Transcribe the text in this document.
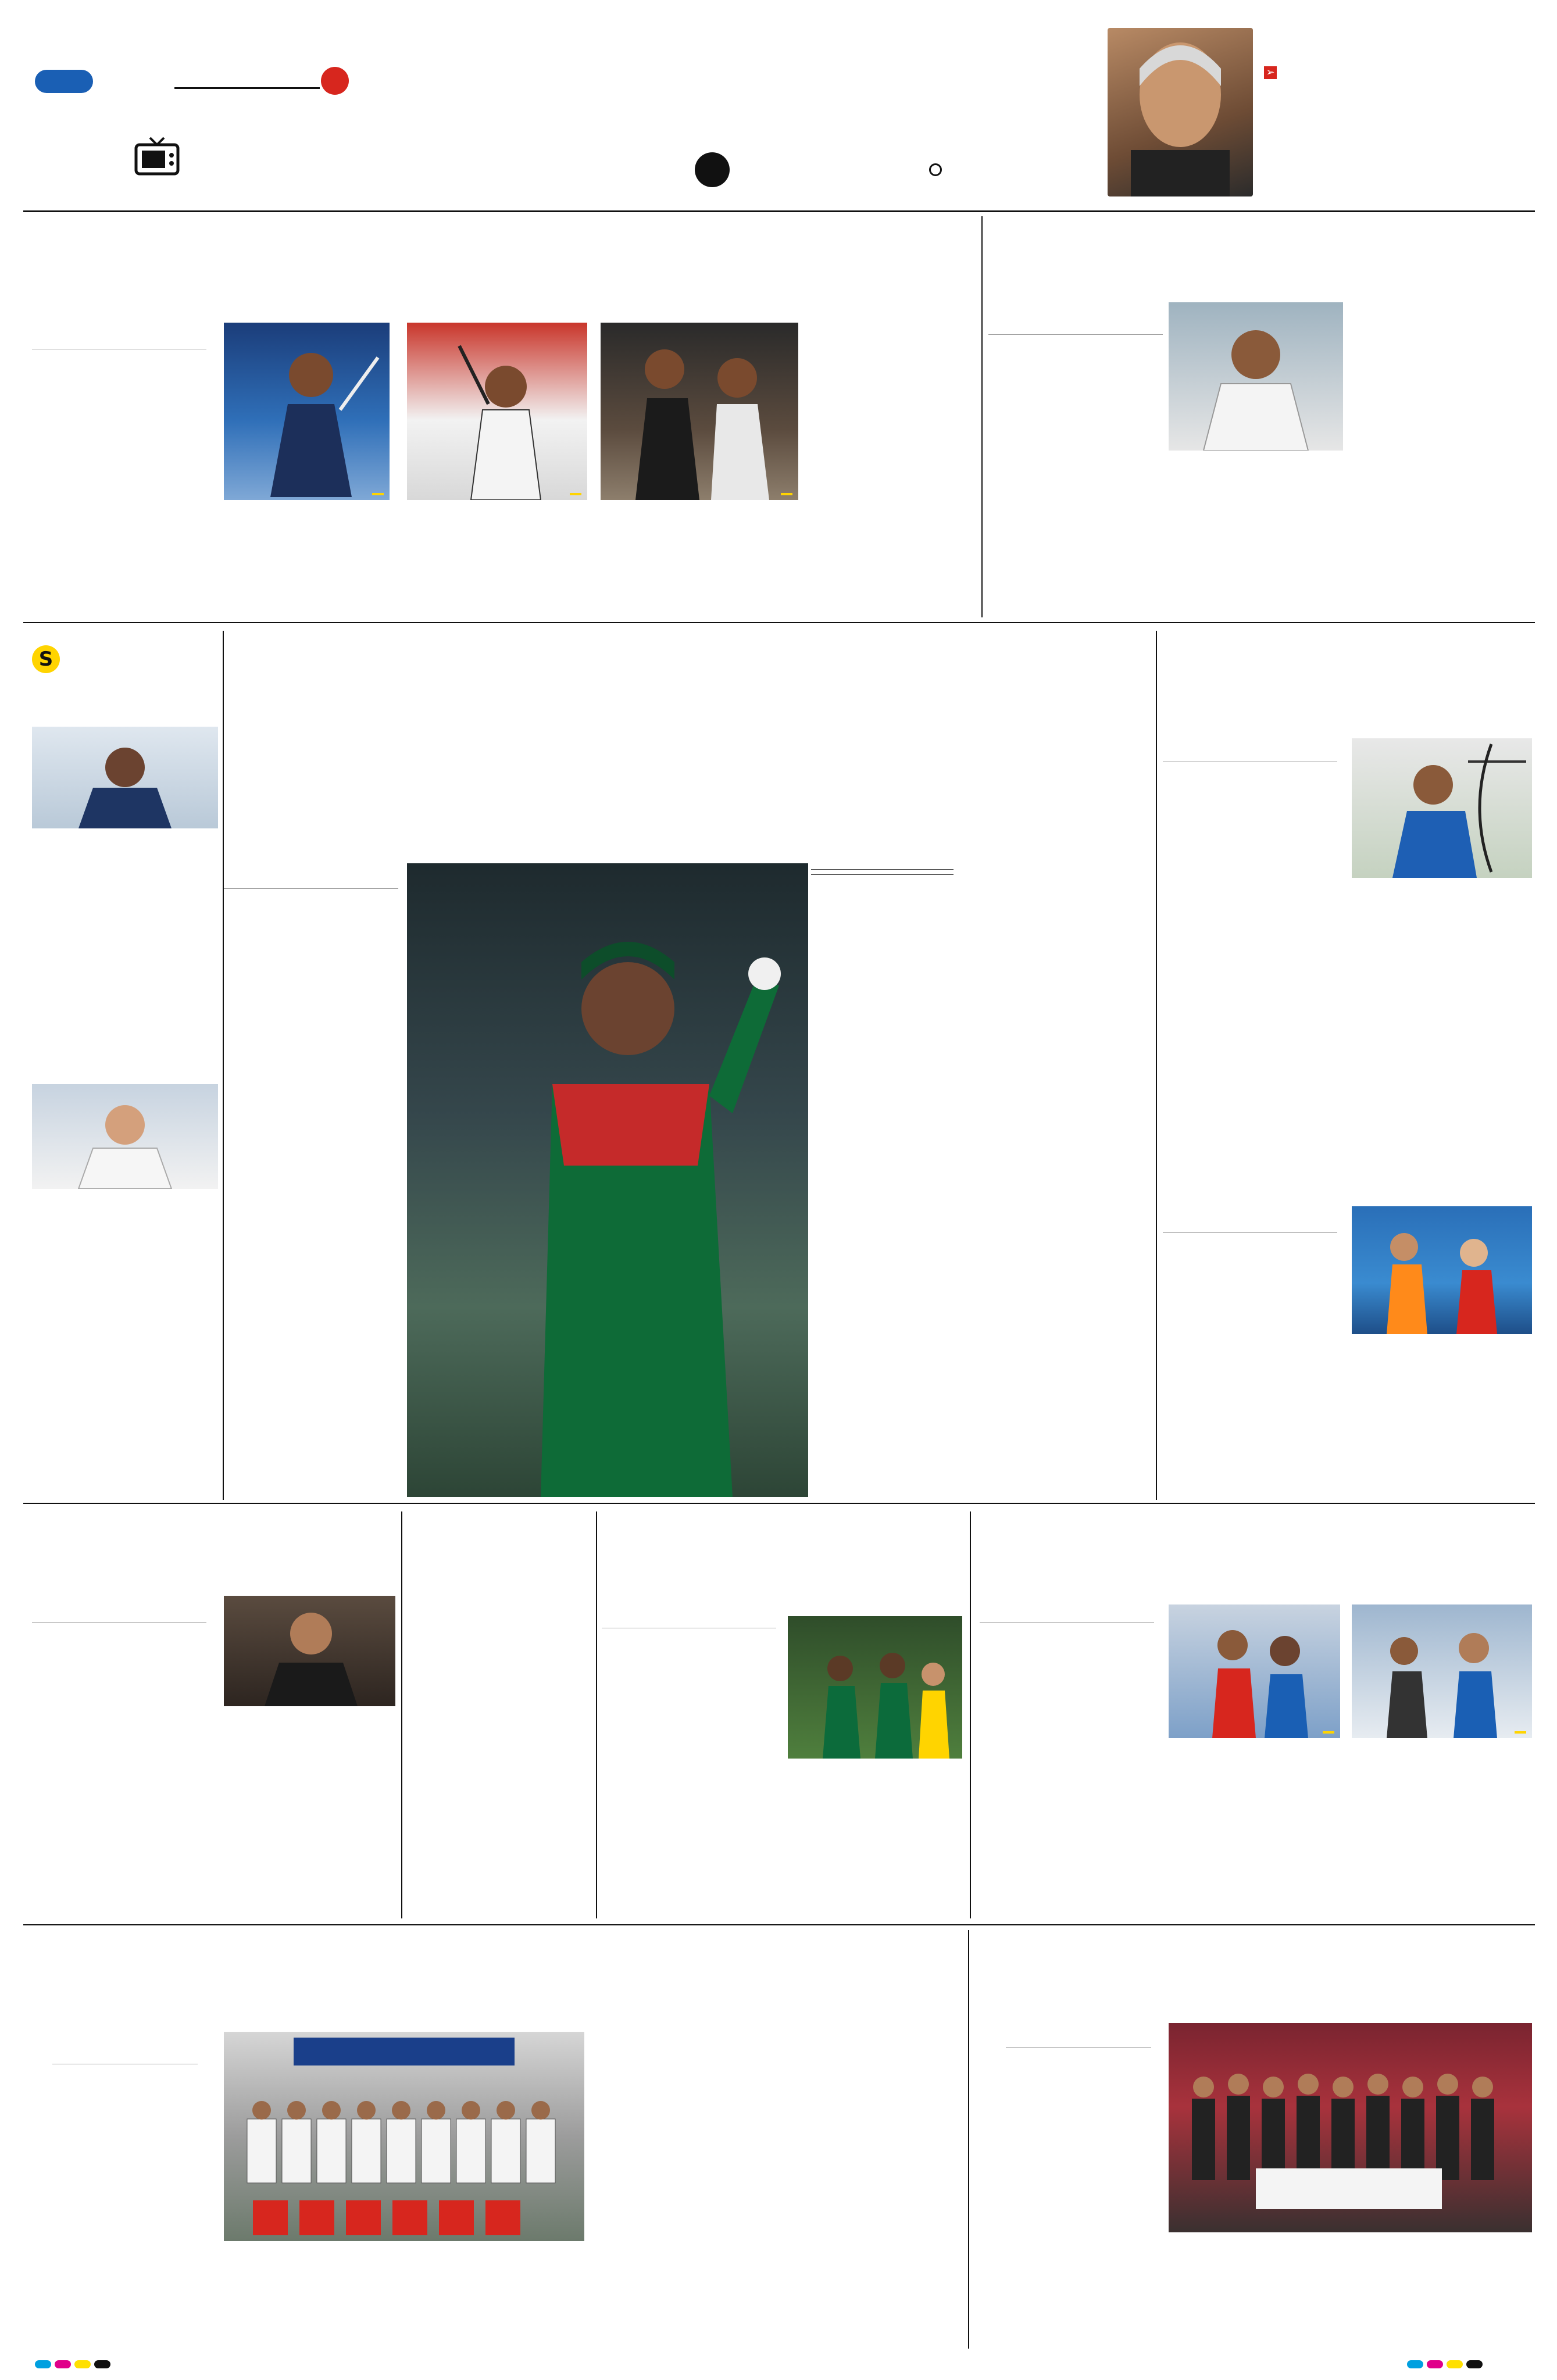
➢
S
